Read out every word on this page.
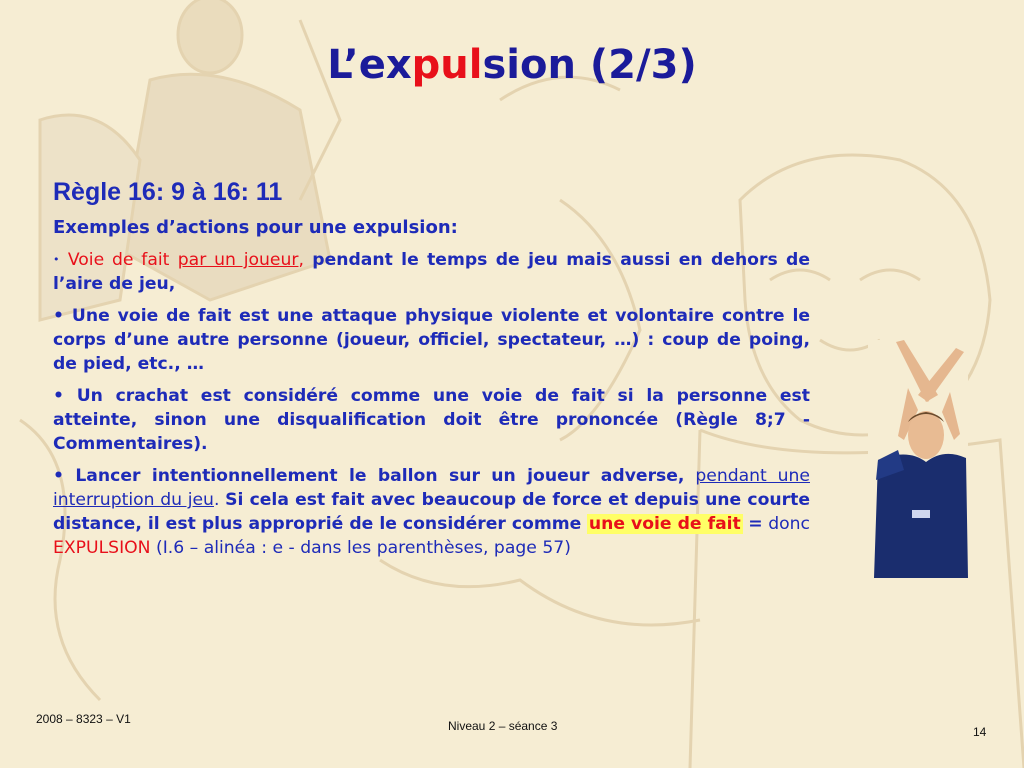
L’expulsion (2/3)
Règle 16: 9 à 16: 11
Exemples d’actions pour une expulsion:

• Voie de fait par un joueur, pendant le temps de jeu mais aussi en dehors de l’aire de jeu,

• Une voie de fait est une attaque physique violente et volontaire contre le corps d’une autre personne (joueur, officiel, spectateur, …) : coup de poing, de pied, etc., …

• Un crachat est considéré comme une voie de fait si la personne est atteinte, sinon une disqualification doit être prononcée (Règle 8;7 - Commentaires).

• Lancer intentionnellement le ballon sur un joueur adverse, pendant une interruption du jeu. Si cela est fait avec beaucoup de force et depuis une courte distance, il est plus approprié de le considérer comme une voie de fait = donc EXPULSION (I.6 – alinéa : e - dans les parenthèses, page 57)

2008 – 8323 – V1	Niveau 2 – séance 3	14
